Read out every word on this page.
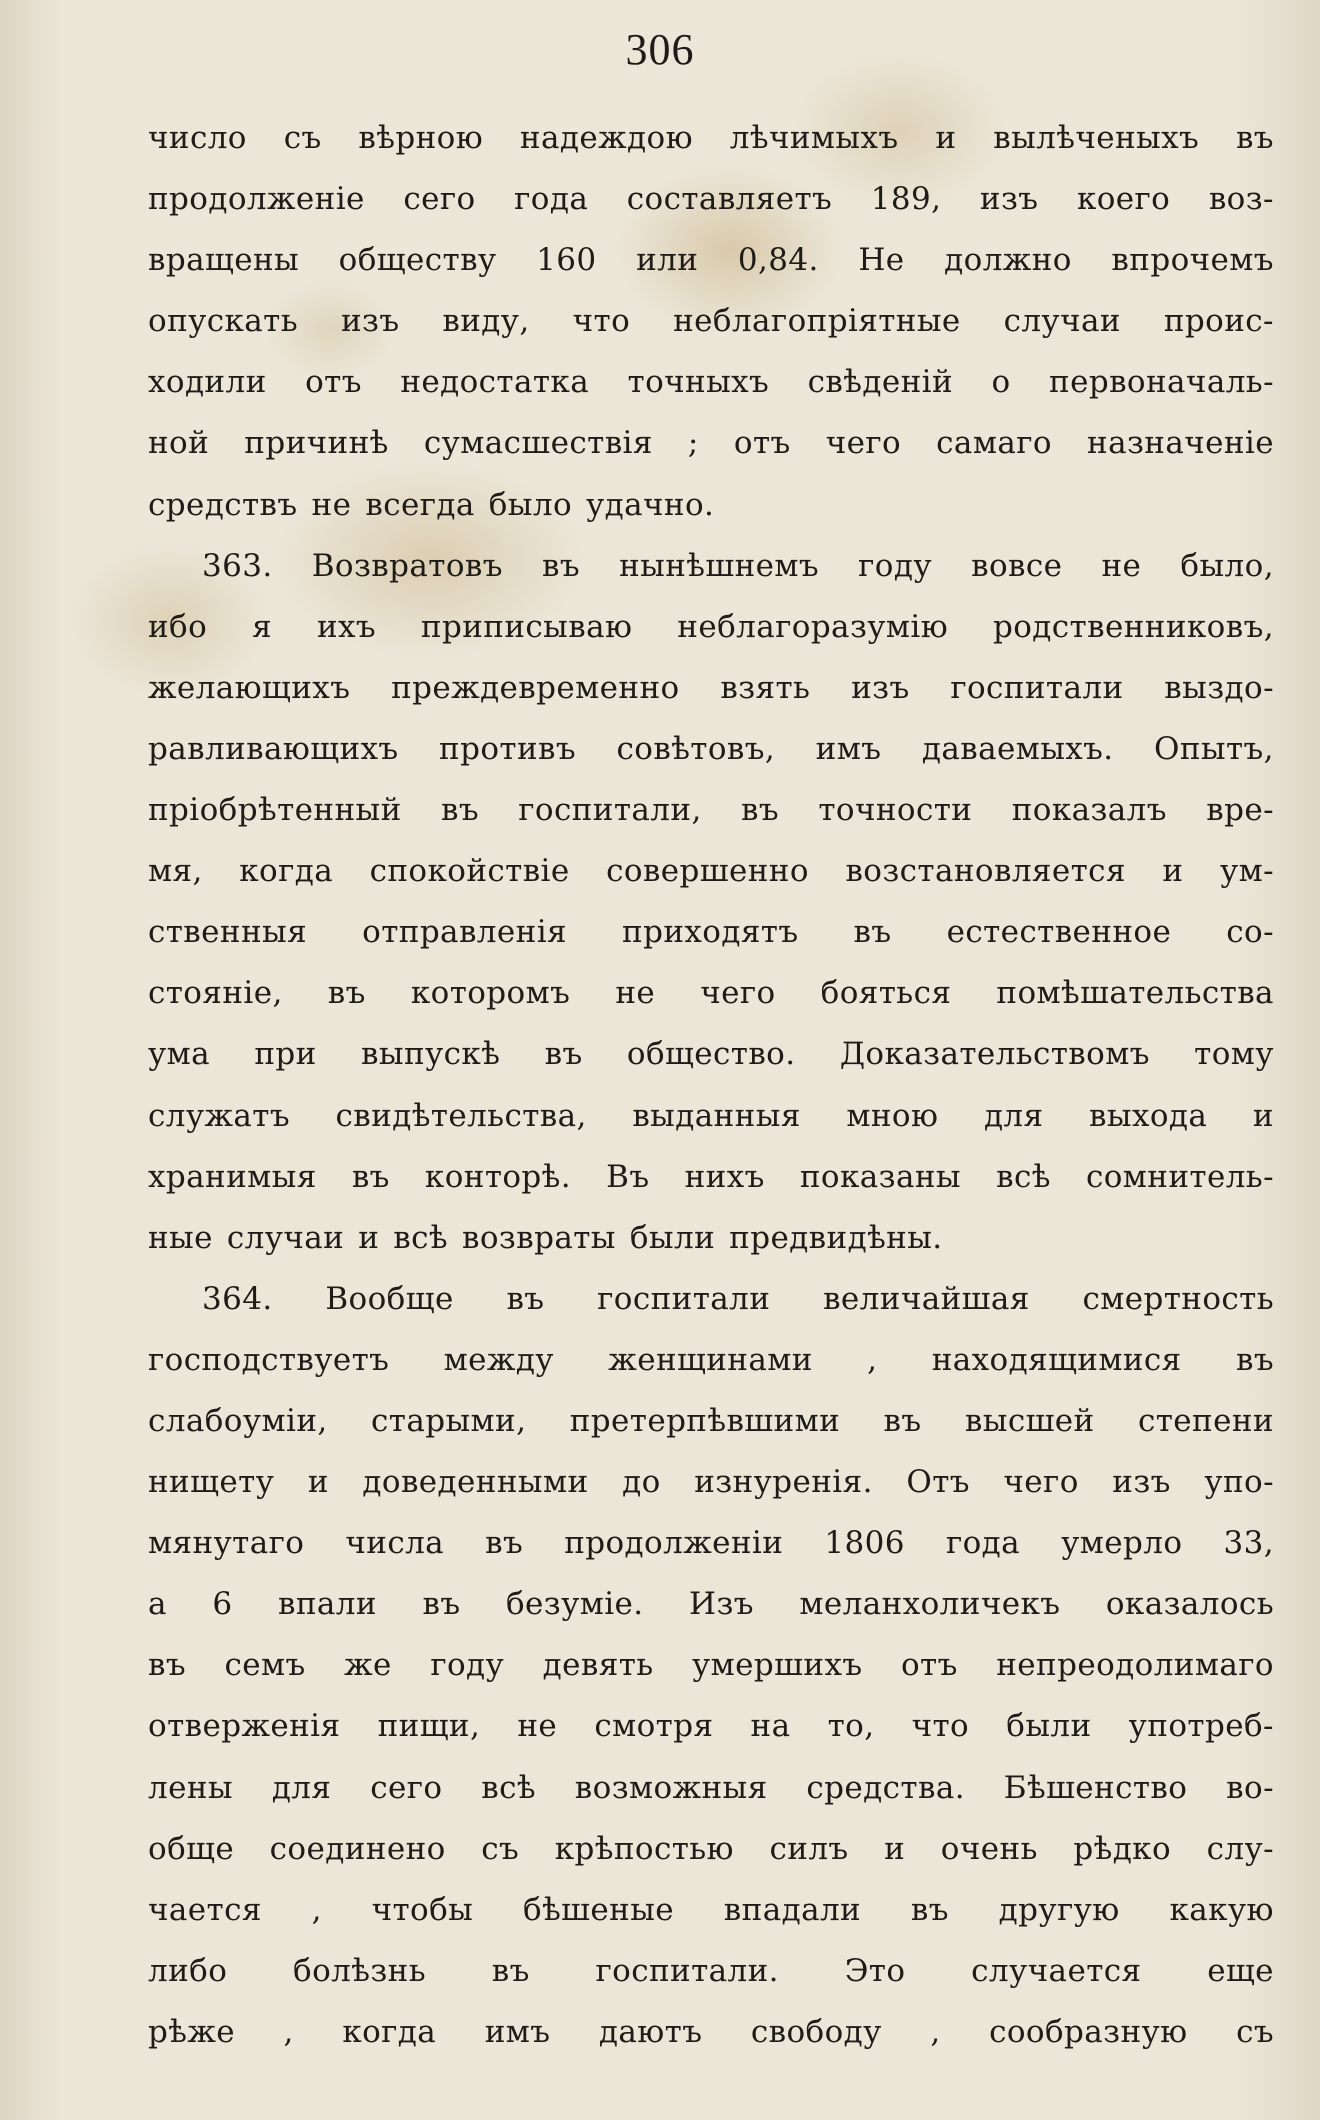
306
число съ вѣрною надеждою лѣчимыхъ и вылѣченыхъ въ
продолженіе сего года составляетъ 189, изъ коего воз-
вращены обществу 160 или 0,84. Не должно впрочемъ
опускать изъ виду, что неблагопріятные случаи проис-
ходили отъ недостатка точныхъ свѣденій о первоначаль-
ной причинѣ сумасшествія ; отъ чего самаго назначеніе
средствъ не всегда было удачно.
363. Возвратовъ въ нынѣшнемъ году вовсе не было,
ибо я ихъ приписываю неблагоразумію родственниковъ,
желающихъ преждевременно взять изъ госпитали выздо-
равливающихъ противъ совѣтовъ, имъ даваемыхъ. Опытъ,
пріобрѣтенный въ госпитали, въ точности показалъ вре-
мя, когда спокойствіе совершенно возстановляется и ум-
ственныя отправленія приходятъ въ естественное со-
стояніе, въ которомъ не чего бояться помѣшательства
ума при выпускѣ въ общество. Доказательствомъ тому
служатъ свидѣтельства, выданныя мною для выхода и
хранимыя въ конторѣ. Въ нихъ показаны всѣ сомнитель-
ные случаи и всѣ возвраты были предвидѣны.
364. Вообще въ госпитали величайшая смертность
господствуетъ между женщинами , находящимися въ
слабоуміи, старыми, претерпѣвшими въ высшей степени
нищету и доведенными до изнуренія. Отъ чего изъ упо-
мянутаго числа въ продолженіи 1806 года умерло 33,
а 6 впали въ безуміе. Изъ меланхоличекъ оказалось
въ семъ же году девять умершихъ отъ непреодолимаго
отверженія пищи, не смотря на то, что были употреб-
лены для сего всѣ возможныя средства. Бѣшенство во-
обще соединено съ крѣпостью силъ и очень рѣдко слу-
чается , чтобы бѣшеные впадали въ другую какую
либо болѣзнь въ госпитали. Это случается еще
рѣже , когда имъ даютъ свободу , сообразную съ
